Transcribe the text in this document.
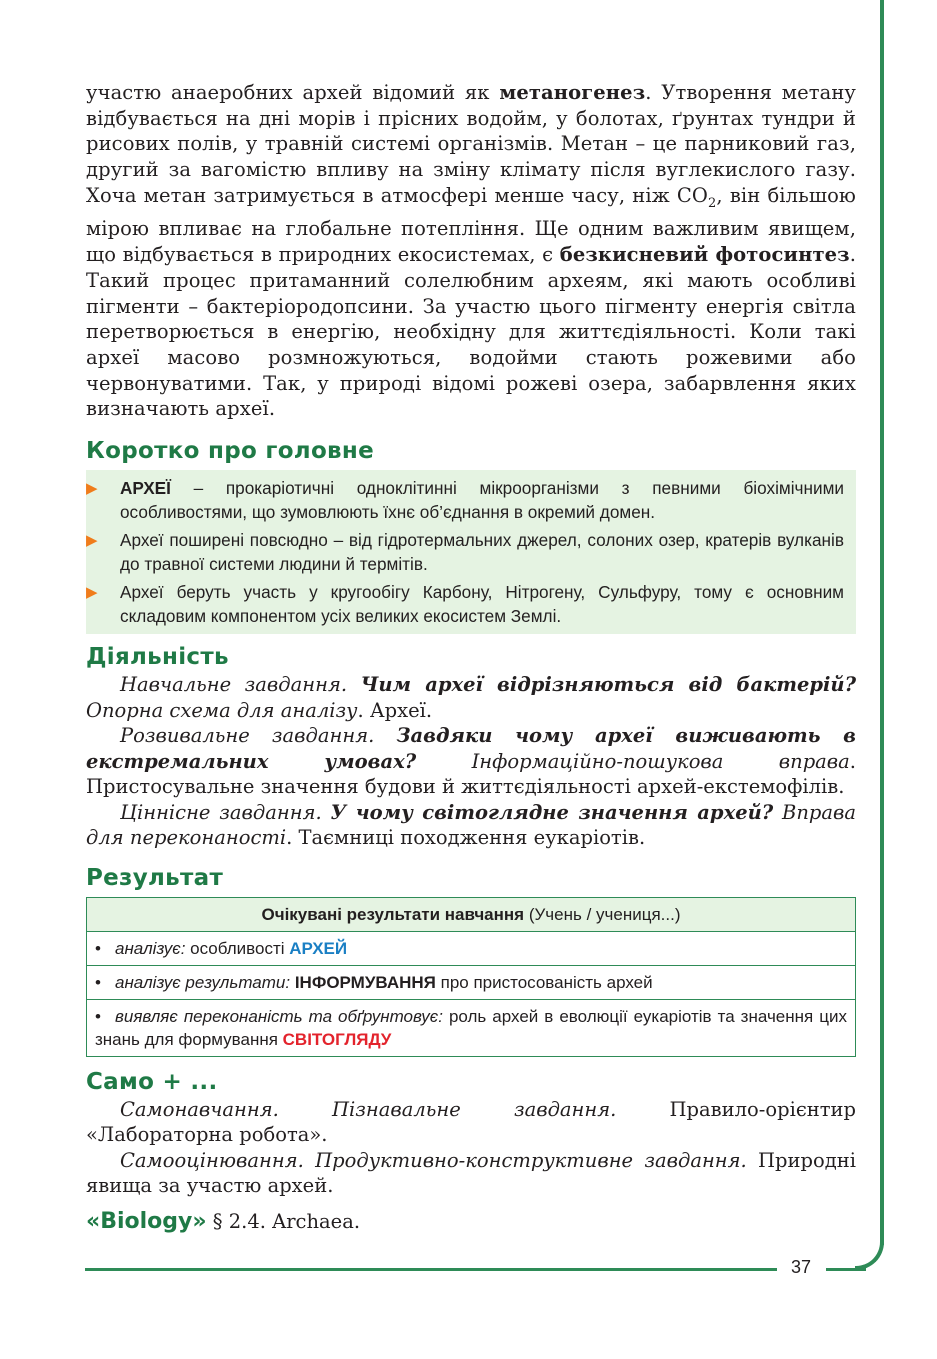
37

участю анаеробних архей відомий як метаногенез. Утворення метану відбувається на дні морів і прісних водойм, у болотах, ґрунтах тундри й рисових полів, у травній системі організмів. Метан – це парниковий газ, другий за вагомістю впливу на зміну клімату після вуглекислого газу. Хоча метан затримується в атмосфері менше часу, ніж $CO_2$, він більшою мірою впливає на глобальне потепління. Ще одним важливим явищем, що відбувається в природних екосистемах, є безкисневий фотосинтез. Такий процес притаманний солелюбним археям, які мають особливі пігменти – бактеріородопсини. За участю цього пігменту енергія світла перетворюється в енергію, необхідну для життєдіяльності. Коли такі археї масово розмножуються, водойми стають рожевими або червонуватими. Так, у природі відомі рожеві озера, забарвлення яких визначають археї.

Коротко про головне
▶	АРХЕЇ – прокаріотичні одноклітинні мікроорганізми з певними біохімічними особливостями, що зумовлюють їхнє об’єднання в окремий домен.
▶	Археї поширені повсюдно – від гідротермальних джерел, солоних озер, кратерів вулканів до травної системи людини й термітів.
▶	Археї беруть участь у кругообігу Карбону, Нітрогену, Сульфуру, тому є основним складовим компонентом усіх великих екосистем Землі.
Діяльність

Навчальне завдання. Чим археї відрізняються від бактерій? Опорна схема для аналізу. Археї.

Розвивальне завдання. Завдяки чому археї виживають в екстремальних умовах?	Інформаційно-пошукова вправа. Пристосувальне значення будови й життєдіяльності архей-екстемофілів.

Ціннісне завдання. У чому світоглядне значення архей? Вправа для переконаності. Таємниці походження еукаріотів.

Результат
Очікувані результати навчання (Учень / учениця...)
• аналізує: особливості АРХЕЙ
• аналізує результати: ІНФОРМУВАННЯ про пристосованість архей
• виявляє переконаність та обґрунтовує: роль архей в еволюції еукаріотів та значення цих знань для формування СВІТОГЛЯДУ
Само + ...

Самонавчання. Пізнавальне завдання. Правило-орієнтир «Лабораторна робота».

Самооцінювання. Продуктивно-конструктивне завдання. Природні явища за участю архей.

«Biology» § 2.4. Archaea.
